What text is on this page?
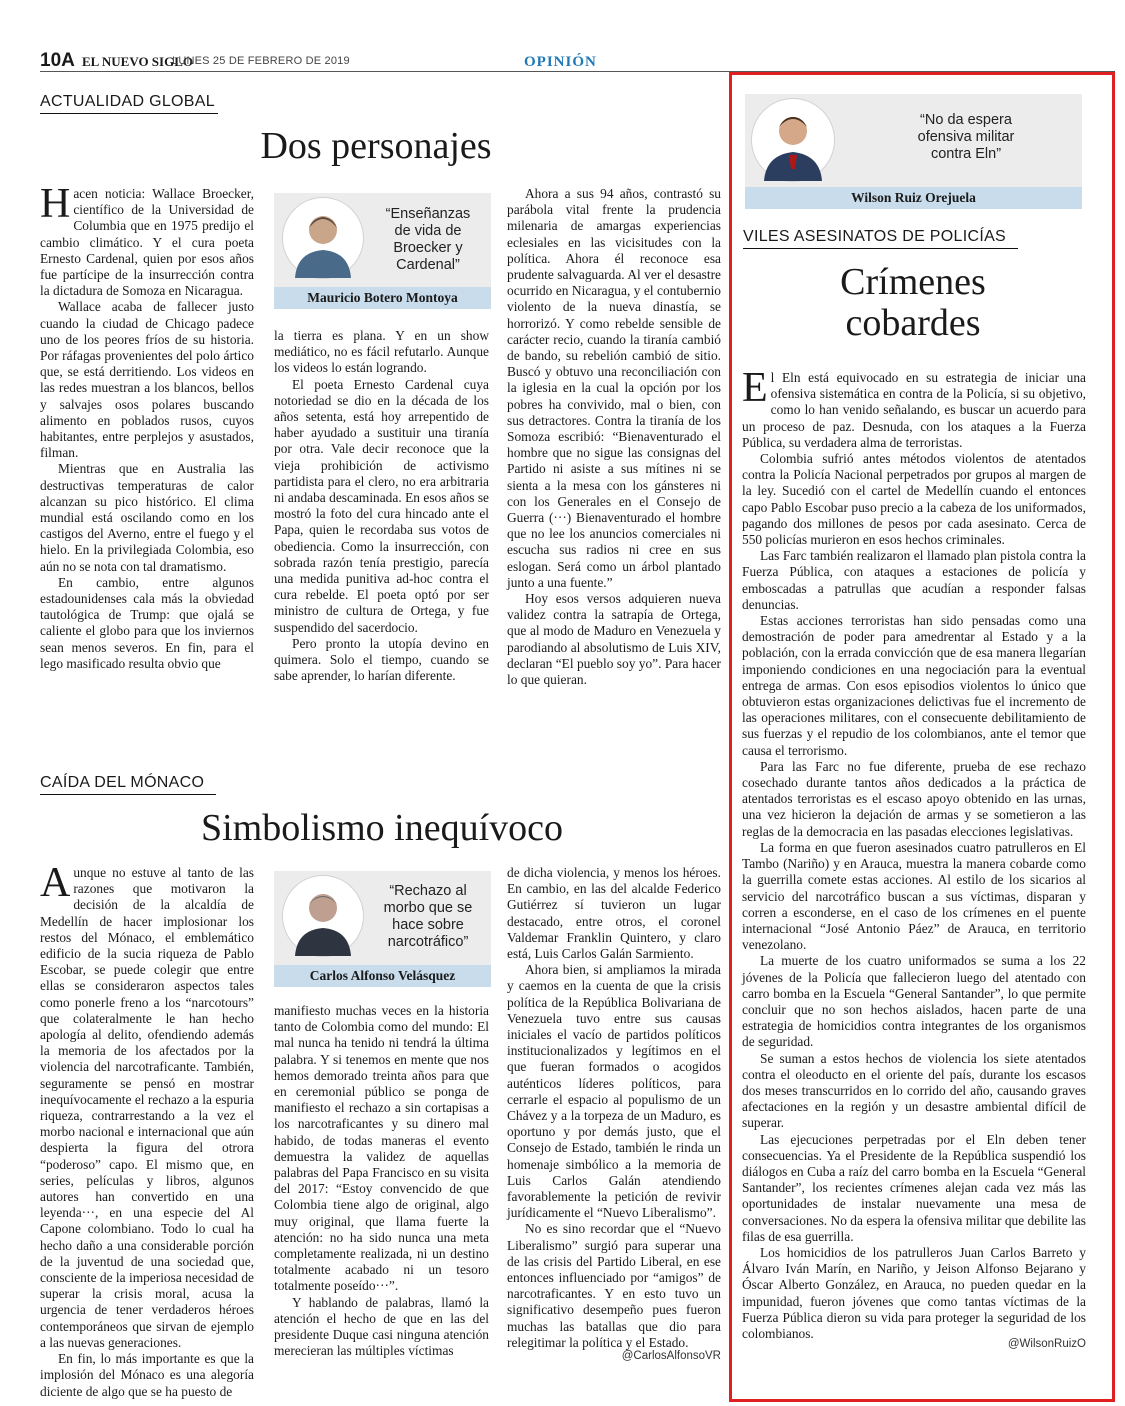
10A EL NUEVO SIGLO
LUNES 25 DE FEBRERO DE 2019	OPINIÓN
ACTUALIDAD GLOBAL
Dos personajes

Hacen noticia: Wallace Broecker, científico de la Universidad de Columbia que en 1975 predijo el cambio climático. Y el cura poeta Ernesto Cardenal, quien por esos años fue partícipe de la insurrección contra la dictadura de Somoza en Nicaragua.

Wallace acaba de fallecer justo cuando la ciudad de Chicago padece uno de los peores fríos de su historia. Por ráfagas provenientes del polo ártico que, se está derritiendo. Los videos en las redes muestran a los blancos, bellos y salvajes osos polares buscando alimento en poblados rusos, cuyos habitantes, entre perplejos y asustados, filman.

Mientras que en Australia las destructivas temperaturas de calor alcanzan su pico histórico. El clima mundial está oscilando como en los castigos del Averno, entre el fuego y el hielo. En la privilegiada Colombia, eso aún no se nota con tal dramatismo.

En cambio, entre algunos estadounidenses cala más la obviedad tautológica de Trump: que ojalá se caliente el globo para que los inviernos sean menos severos. En fin, para el lego masificado resulta obvio que

“Enseñanzas
de vida de
Broecker y
Cardenal”
Mauricio Botero Montoya

la tierra es plana. Y en un show mediático, no es fácil refutarlo. Aunque los videos lo están logrando.

El poeta Ernesto Cardenal cuya notoriedad se dio en la década de los años setenta, está hoy arrepentido de haber ayudado a sustituir una tiranía por otra. Vale decir reconoce que la vieja prohibición de activismo partidista para el clero, no era arbitraria ni andaba descaminada. En esos años se mostró la foto del cura hincado ante el Papa, quien le recordaba sus votos de obediencia. Como la insurrección, con sobrada razón tenía prestigio, parecía una medida punitiva ad-hoc contra el cura rebelde. El poeta optó por ser ministro de cultura de Ortega, y fue suspendido del sacerdocio.

Pero pronto la utopía devino en quimera. Solo el tiempo, cuando se sabe aprender, lo harían diferente.

Ahora a sus 94 años, contrastó su parábola vital frente la prudencia milenaria de amargas experiencias eclesiales en las vicisitudes con la política. Ahora él reconoce esa prudente salvaguarda. Al ver el desastre ocurrido en Nicaragua, y el contubernio violento de la nueva dinastía, se horrorizó. Y como rebelde sensible de carácter recio, cuando la tiranía cambió de bando, su rebelión cambió de sitio. Buscó y obtuvo una reconciliación con la iglesia en la cual la opción por los pobres ha convivido, mal o bien, con sus detractores. Contra la tiranía de los Somoza escribió: “Bienaventurado el hombre que no sigue las consignas del Partido ni asiste a sus mítines ni se sienta a la mesa con los gánsteres ni con los Generales en el Consejo de Guerra (···) Bienaventurado el hombre que no lee los anuncios comerciales ni escucha sus radios ni cree en sus eslogan. Será como un árbol plantado junto a una fuente.”

Hoy esos versos adquieren nueva validez contra la satrapía de Ortega, que al modo de Maduro en Venezuela y parodiando al absolutismo de Luis XIV, declaran “El pueblo soy yo”. Para hacer lo que quieran.

CAÍDA DEL MÓNACO
Simbolismo inequívoco

Aunque no estuve al tanto de las razones que motivaron la decisión de la alcaldía de Medellín de hacer implosionar los restos del Mónaco, el emblemático edificio de la sucia riqueza de Pablo Escobar, se puede colegir que entre ellas se consideraron aspectos tales como ponerle freno a los “narcotours” que colateralmente le han hecho apología al delito, ofendiendo además la memoria de los afectados por la violencia del narcotraficante. También, seguramente se pensó en mostrar inequívocamente el rechazo a la espuria riqueza, contrarrestando a la vez el morbo nacional e internacional que aún despierta la figura del otrora “poderoso” capo. El mismo que, en series, películas y libros, algunos autores han convertido en una leyenda···, en una especie del Al Capone colombiano. Todo lo cual ha hecho daño a una considerable porción de la juventud de una sociedad que, consciente de la imperiosa necesidad de superar la crisis moral, acusa la urgencia de tener verdaderos héroes contemporáneos que sirvan de ejemplo a las nuevas generaciones.

En fin, lo más importante es que la implosión del Mónaco es una alegoría diciente de algo que se ha puesto de

“Rechazo al
morbo que se
hace sobre
narcotráfico”
Carlos Alfonso Velásquez

manifiesto muchas veces en la historia tanto de Colombia como del mundo: El mal nunca ha tenido ni tendrá la última palabra. Y si tenemos en mente que nos hemos demorado treinta años para que en ceremonial público se ponga de manifiesto el rechazo a sin cortapisas a los narcotraficantes y su dinero mal habido, de todas maneras el evento demuestra la validez de aquellas palabras del Papa Francisco en su visita del 2017: “Estoy convencido de que Colombia tiene algo de original, algo muy original, que llama fuerte la atención: no ha sido nunca una meta completamente realizada, ni un destino totalmente acabado ni un tesoro totalmente poseído···”.

Y hablando de palabras, llamó la atención el hecho de que en las del presidente Duque casi ninguna atención merecieran las múltiples víctimas

de dicha violencia, y menos los héroes. En cambio, en las del alcalde Federico Gutiérrez sí tuvieron un lugar destacado, entre otros, el coronel Valdemar Franklin Quintero, y claro está, Luis Carlos Galán Sarmiento.

Ahora bien, si ampliamos la mirada y caemos en la cuenta de que la crisis política de la República Bolivariana de Venezuela tuvo entre sus causas iniciales el vacío de partidos políticos institucionalizados y legítimos en el que fueran formados o acogidos auténticos líderes políticos, para cerrarle el espacio al populismo de un Chávez y a la torpeza de un Maduro, es oportuno y por demás justo, que el Consejo de Estado, también le rinda un homenaje simbólico a la memoria de Luis Carlos Galán atendiendo favorablemente la petición de revivir jurídicamente el “Nuevo Liberalismo”.

No es sino recordar que el “Nuevo Liberalismo” surgió para superar una de las crisis del Partido Liberal, en ese entonces influenciado por “amigos” de narcotraficantes. Y en esto tuvo un significativo desempeño pues fueron muchas las batallas que dio para relegitimar la política y el Estado.

@CarlosAlfonsoVR
“No da espera
ofensiva militar
contra Eln”
Wilson Ruiz Orejuela
VILES ASESINATOS DE POLICÍAS
Crímenes
cobardes

El Eln está equivocado en su estrategia de iniciar una ofensiva sistemática en contra de la Policía, si su objetivo, como lo han venido señalando, es buscar un acuerdo para un proceso de paz. Desnuda, con los ataques a la Fuerza Pública, su verdadera alma de terroristas.

Colombia sufrió antes métodos violentos de atentados contra la Policía Nacional perpetrados por grupos al margen de la ley. Sucedió con el cartel de Medellín cuando el entonces capo Pablo Escobar puso precio a la cabeza de los uniformados, pagando dos millones de pesos por cada asesinato. Cerca de 550 policías murieron en esos hechos criminales.

Las Farc también realizaron el llamado plan pistola contra la Fuerza Pública, con ataques a estaciones de policía y emboscadas a patrullas que acudían a responder falsas denuncias.

Estas acciones terroristas han sido pensadas como una demostración de poder para amedrentar al Estado y a la población, con la errada convicción que de esa manera llegarían imponiendo condiciones en una negociación para la eventual entrega de armas. Con esos episodios violentos lo único que obtuvieron estas organizaciones delictivas fue el incremento de las operaciones militares, con el consecuente debilitamiento de sus fuerzas y el repudio de los colombianos, ante el temor que causa el terrorismo.

Para las Farc no fue diferente, prueba de ese rechazo cosechado durante tantos años dedicados a la práctica de atentados terroristas es el escaso apoyo obtenido en las urnas, una vez hicieron la dejación de armas y se sometieron a las reglas de la democracia en las pasadas elecciones legislativas.

La forma en que fueron asesinados cuatro patrulleros en El Tambo (Nariño) y en Arauca, muestra la manera cobarde como la guerrilla comete estas acciones. Al estilo de los sicarios al servicio del narcotráfico buscan a sus víctimas, disparan y corren a esconderse, en el caso de los crímenes en el puente internacional “José Antonio Páez” de Arauca, en territorio venezolano.

La muerte de los cuatro uniformados se suma a los 22 jóvenes de la Policía que fallecieron luego del atentado con carro bomba en la Escuela “General Santander”, lo que permite concluir que no son hechos aislados, hacen parte de una estrategia de homicidios contra integrantes de los organismos de seguridad.

Se suman a estos hechos de violencia los siete atentados contra el oleoducto en el oriente del país, durante los escasos dos meses transcurridos en lo corrido del año, causando graves afectaciones en la región y un desastre ambiental difícil de superar.

Las ejecuciones perpetradas por el Eln deben tener consecuencias. Ya el Presidente de la República suspendió los diálogos en Cuba a raíz del carro bomba en la Escuela “General Santander”, los recientes crímenes alejan cada vez más las oportunidades de instalar nuevamente una mesa de conversaciones. No da espera la ofensiva militar que debilite las filas de esa guerrilla.

Los homicidios de los patrulleros Juan Carlos Barreto y Álvaro Iván Marín, en Nariño, y Jeison Alfonso Bejarano y Óscar Alberto González, en Arauca, no pueden quedar en la impunidad, fueron jóvenes que como tantas víctimas de la Fuerza Pública dieron su vida para proteger la seguridad de los colombianos.

@WilsonRuizO
